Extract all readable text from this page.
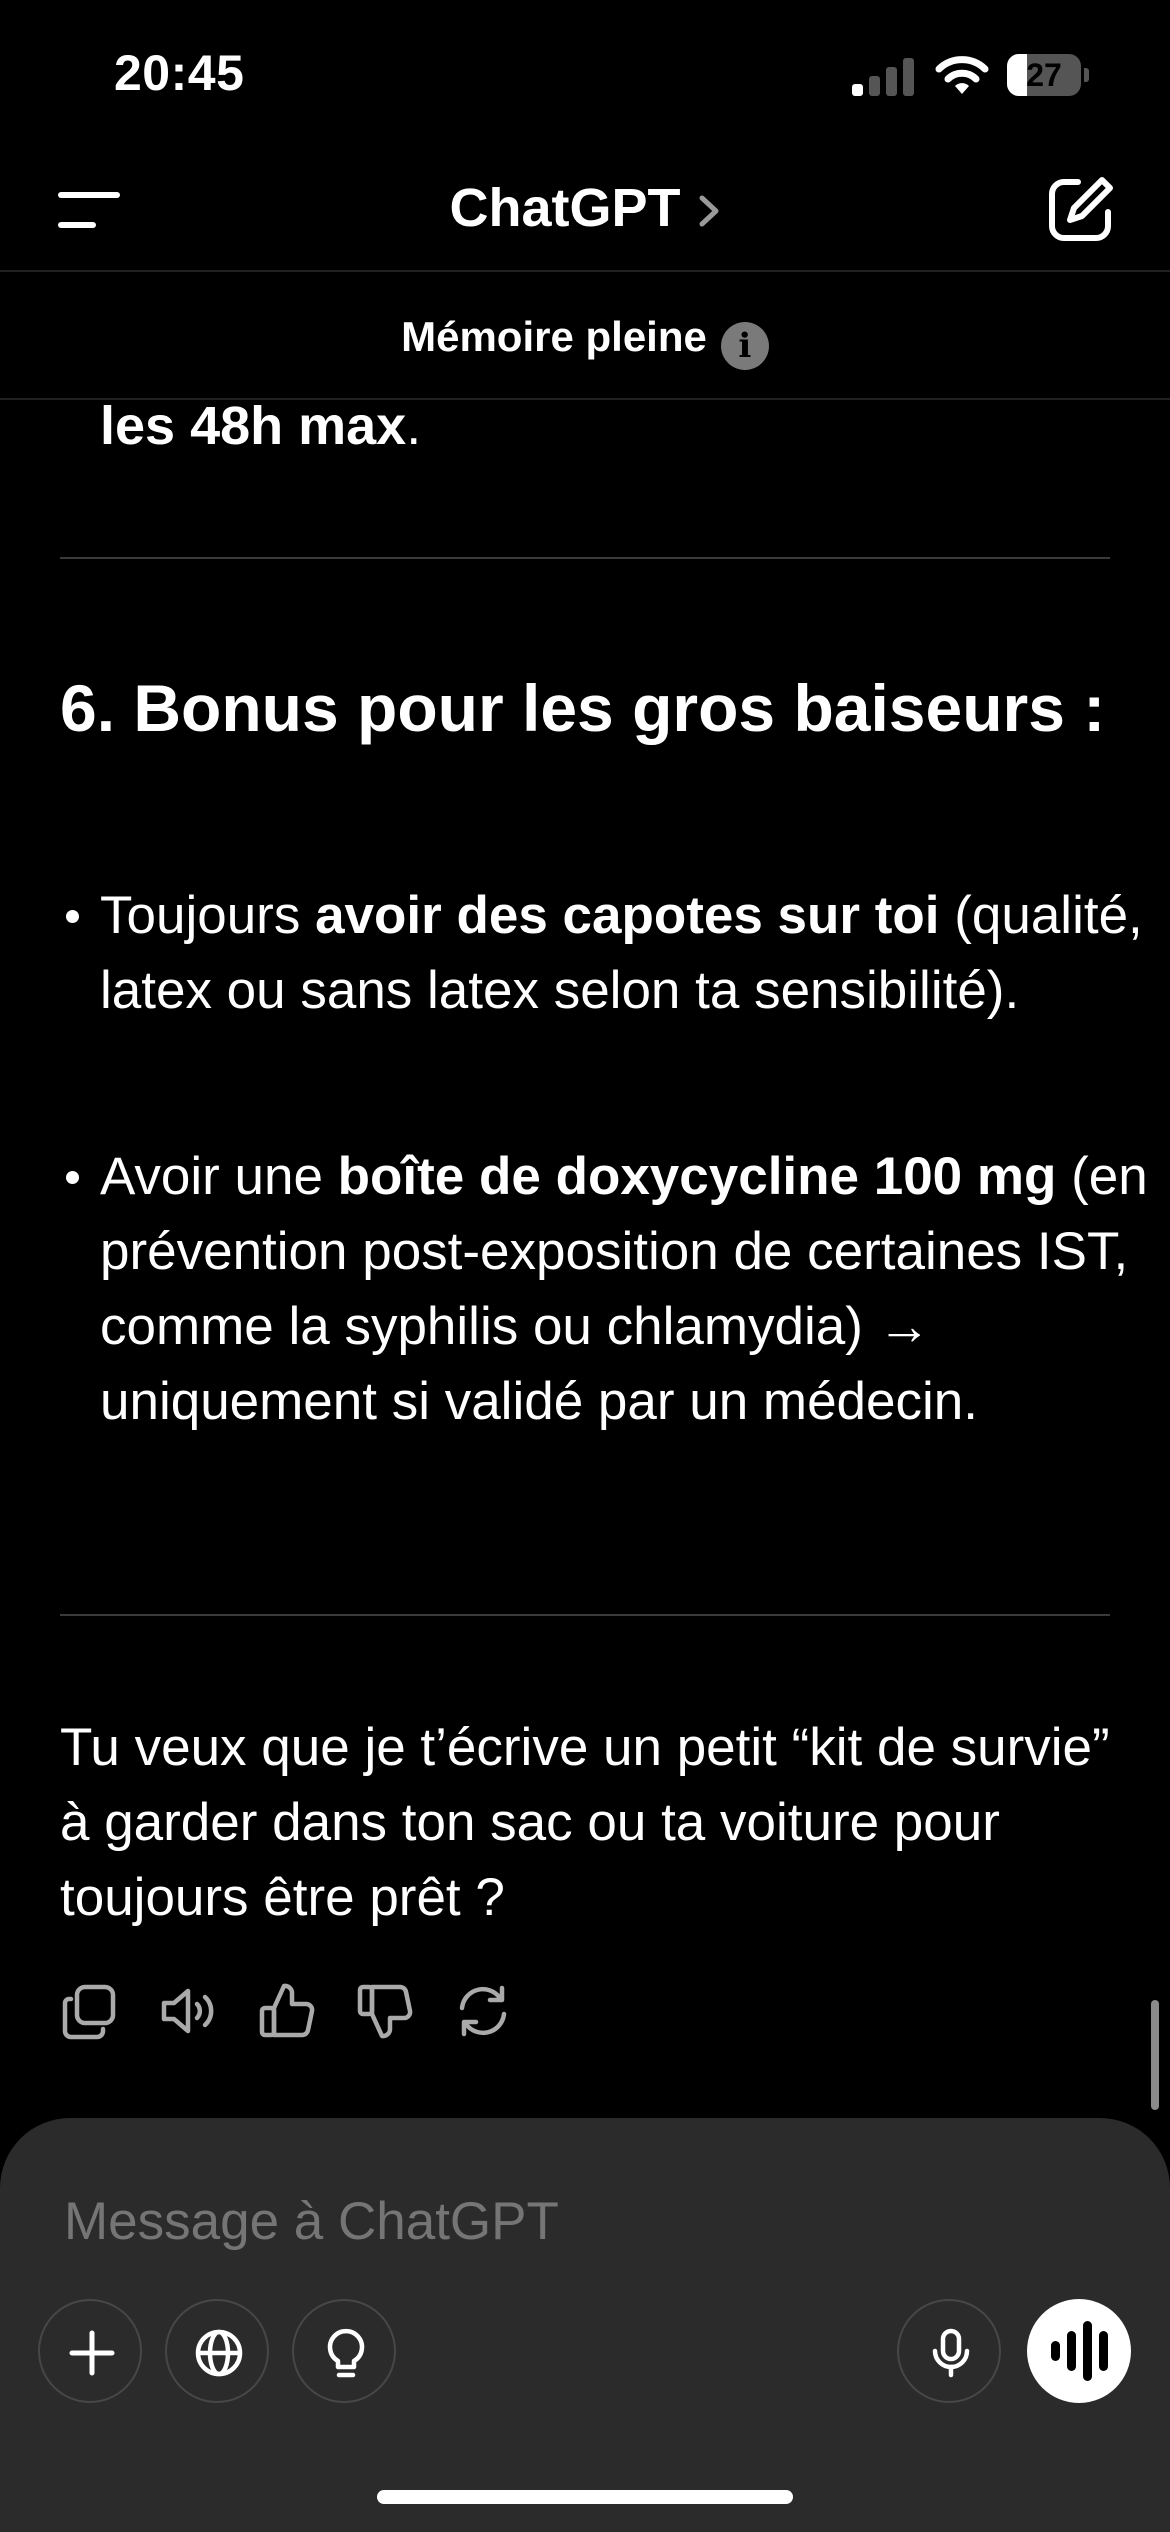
20:45	27
ChatGPT
Mémoire pleine i
les 48h max.
6. Bonus pour les gros baiseurs :
Toujours avoir des capotes sur toi (qualité, latex ou sans latex selon ta sensibilité).
Avoir une boîte de doxycycline 100 mg (en prévention post-exposition de certaines IST, comme la syphilis ou chlamydia) → uniquement si validé par un médecin.
Tu veux que je t’écrive un petit “kit de survie” à garder dans ton sac ou ta voiture pour toujours être prêt ?
Message à ChatGPT
